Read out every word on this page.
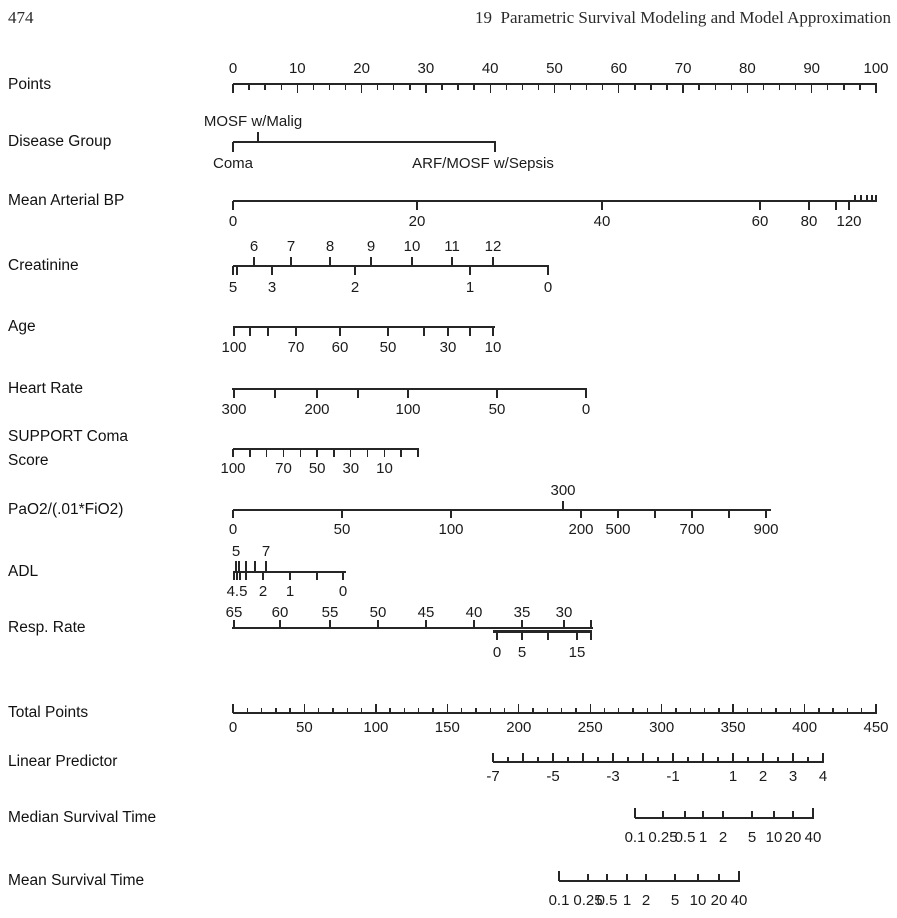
474	19  Parametric Survival Modeling and Model Approximation
Points
0	10	20	30	40	50	60	70	80	90	100
Disease Group
MOSF w/Malig
Coma	ARF/MOSF w/Sepsis
Mean Arterial BP
0	20	40	60 80 120
Creatinine
6 7 8 9 10 11 12
5 3	2	1	0
Age
100	70 60 50	30 10
Heart Rate
300	200	100	50	0
SUPPORT Coma
Score	100 70 50 30 10
PaO2/(.01*FiO2)
0	50	100	200 500	700	900
300
ADL
5 7
4.5 2 1	0
Resp. Rate
65 60 55 50 45 40 35 30
0 5	15
Total Points
0	50	100	150	200	250	300	350	400	450
Linear Predictor
-7	-5	-3	-1	1 2 3 4
Median Survival Time
0.1 0.25
0.5 1 2 5 10 20 40
Mean Survival Time
0.1 0.25
0.5 1 2 5 10 20 40
